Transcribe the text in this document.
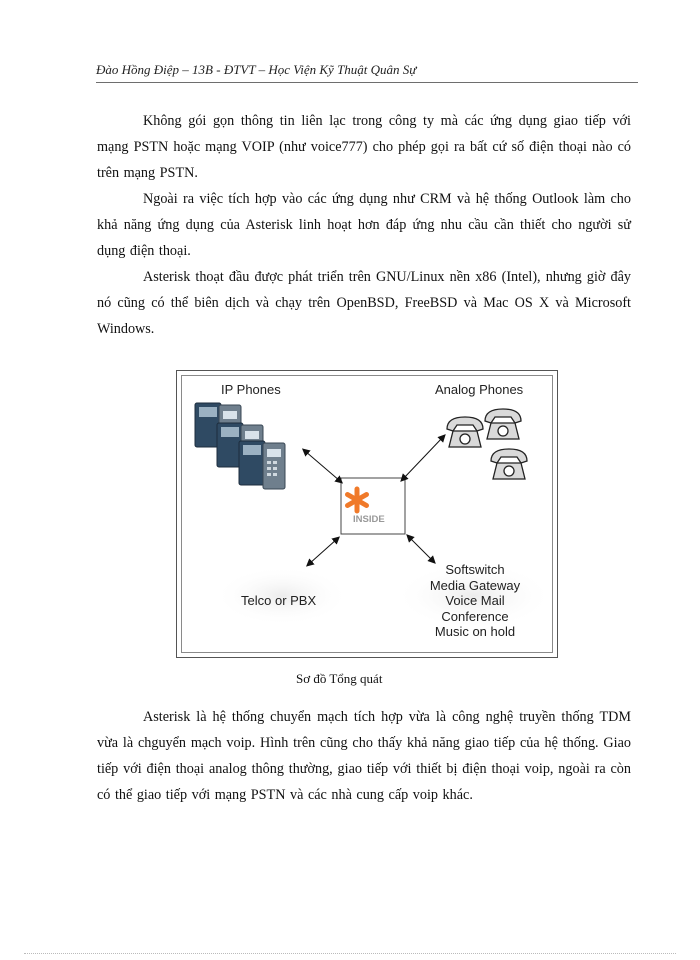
Đào Hồng Điệp – 13B - ĐTVT – Học Viện Kỹ Thuật Quân Sự

Không gói gọn thông tin liên lạc trong công ty mà các ứng dụng giao tiếp với mạng PSTN hoặc mạng VOIP (như voice777) cho phép gọi ra bất cứ số điện thoại nào có trên mạng PSTN.

Ngoài ra việc tích hợp vào các ứng dụng như CRM và hệ thống Outlook làm cho khả năng ứng dụng của Asterisk linh hoạt hơn đáp ứng nhu cầu cần thiết cho người sử dụng điện thoại.

Asterisk thoạt đầu được phát triển trên GNU/Linux nền x86 (Intel), nhưng giờ đây nó cũng có thể biên dịch và chạy trên OpenBSD, FreeBSD và Mac OS X và Microsoft Windows.

IP Phones	Analog Phones
INSIDE
Telco or PBX
Softswitch
Media Gateway
Voice Mail
Conference
Music on hold
Sơ đồ Tổng quát

Asterisk là hệ thống chuyển mạch tích hợp vừa là công nghệ truyền thống TDM vừa là chguyển mạch voip. Hình trên cũng cho thấy khả năng giao tiếp của hệ thống. Giao tiếp với điện thoại analog thông thường, giao tiếp với thiết bị điện thoại voip, ngoài ra còn có thể giao tiếp với mạng PSTN và các nhà cung cấp voip khác.
